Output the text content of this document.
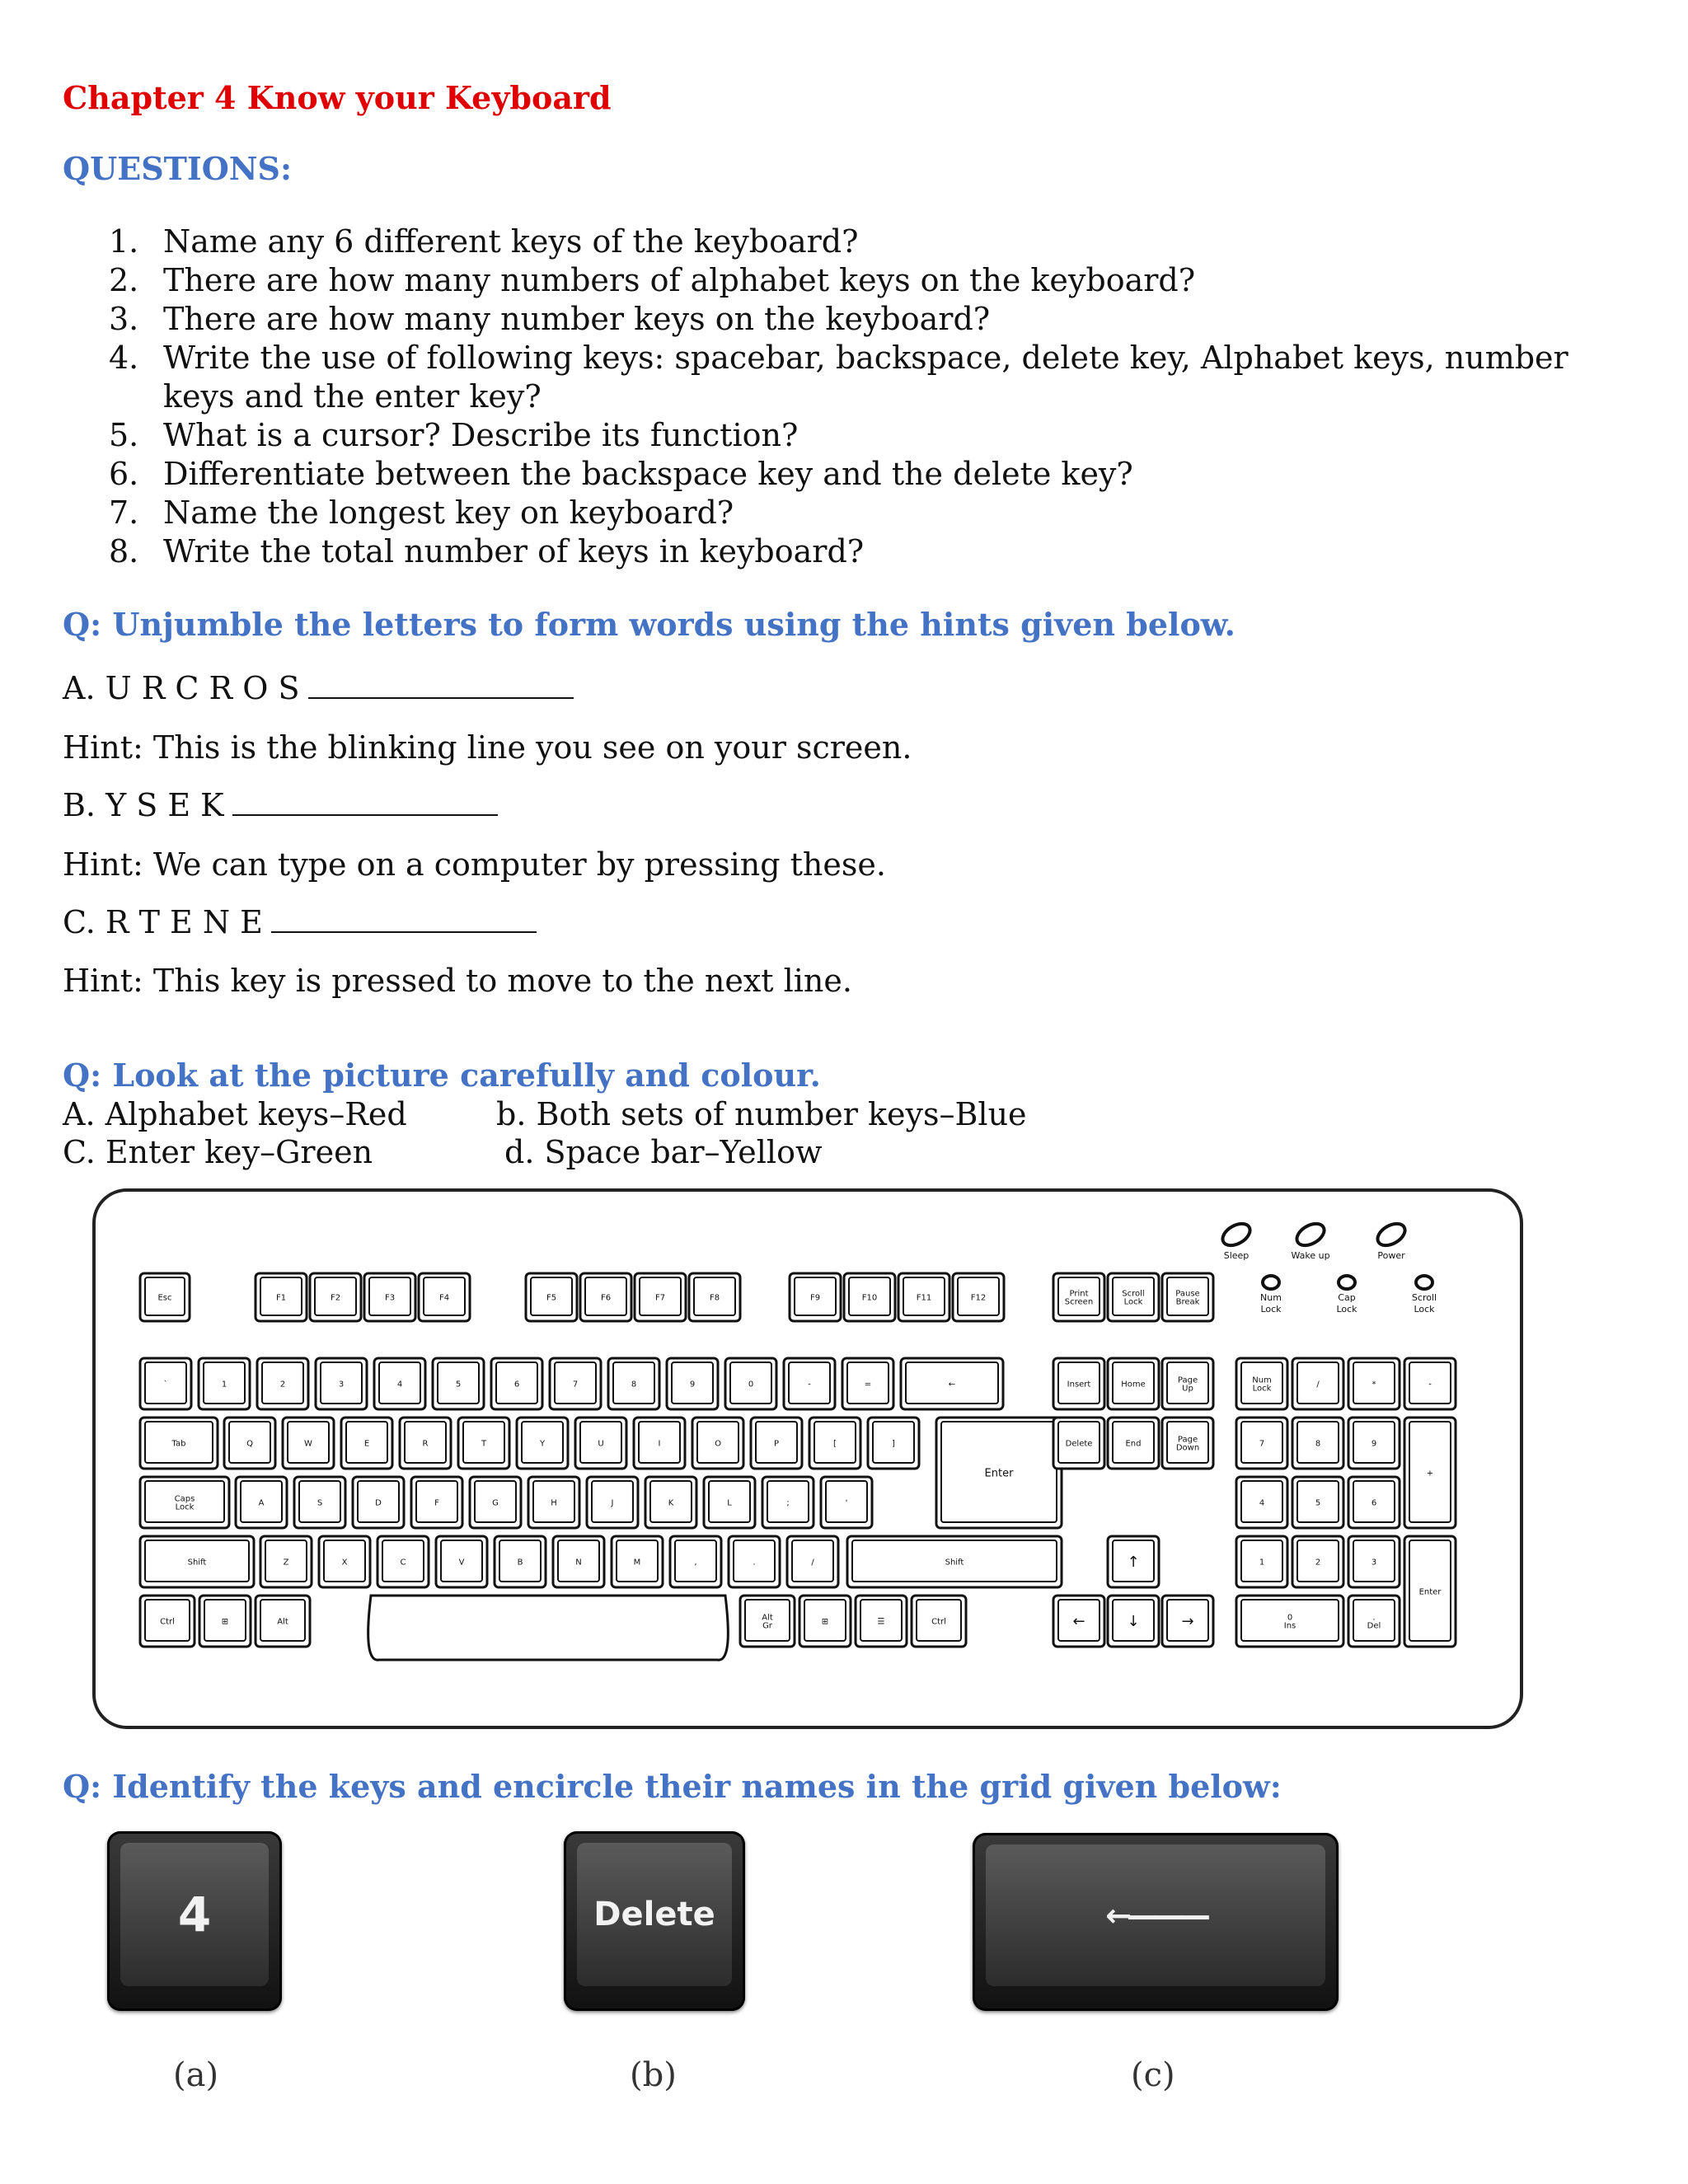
Chapter 4 Know your Keyboard
QUESTIONS:
1. Name any 6 different keys of the keyboard?
2. There are how many numbers of alphabet keys on the keyboard?
3. There are how many number keys on the keyboard?
4. Write the use of following keys: spacebar, backspace, delete key, Alphabet keys, number keys and the enter key?
5. What is a cursor? Describe its function?
6. Differentiate between the backspace key and the delete key?
7. Name the longest key on keyboard?
8. Write the total number of keys in keyboard?
Q: Unjumble the letters to form words using the hints given below.
A. U R C R O S
Hint: This is the blinking line you see on your screen.
B. Y S E K
Hint: We can type on a computer by pressing these.
C. R T E N E
Hint: This key is pressed to move to the next line.
Q: Look at the picture carefully and colour.
A. Alphabet keys–Red	b. Both sets of number keys–Blue
C. Enter key–Green	d. Space bar–Yellow
Sleep	Wake up	Power
Num
Lock
Cap
Lock
Scroll
Lock
Esc	F1	F2	F3	F4	F5	F6	F7	F8	F9	F10	F11	F12	Print Screen
Scroll Lock
Pause Break
`	1	2	3	4	5	6	7	8	9	0	-	=	←
Tab	Q	W	E	R	T	Y	U	I	O	P	[	]
Caps Lock	A	S	D	F	G	H	J	K	L	;	'
Enter
Shift	Z	X	C	V	B	N	M	,	.	/	Shift
Ctrl	⊞	Alt	Alt Gr	⊞	☰	Ctrl
Insert	Home	Page Up
Delete	End	Page Down
↑
←	↓	→
Num Lock	/	*	-
7	8	9
4	5	6
+
1	2	3
Enter
0 Ins
. Del
Q: Identify the keys and encircle their names in the grid given below:
4	Delete	←———
(a)	(b)	(c)
